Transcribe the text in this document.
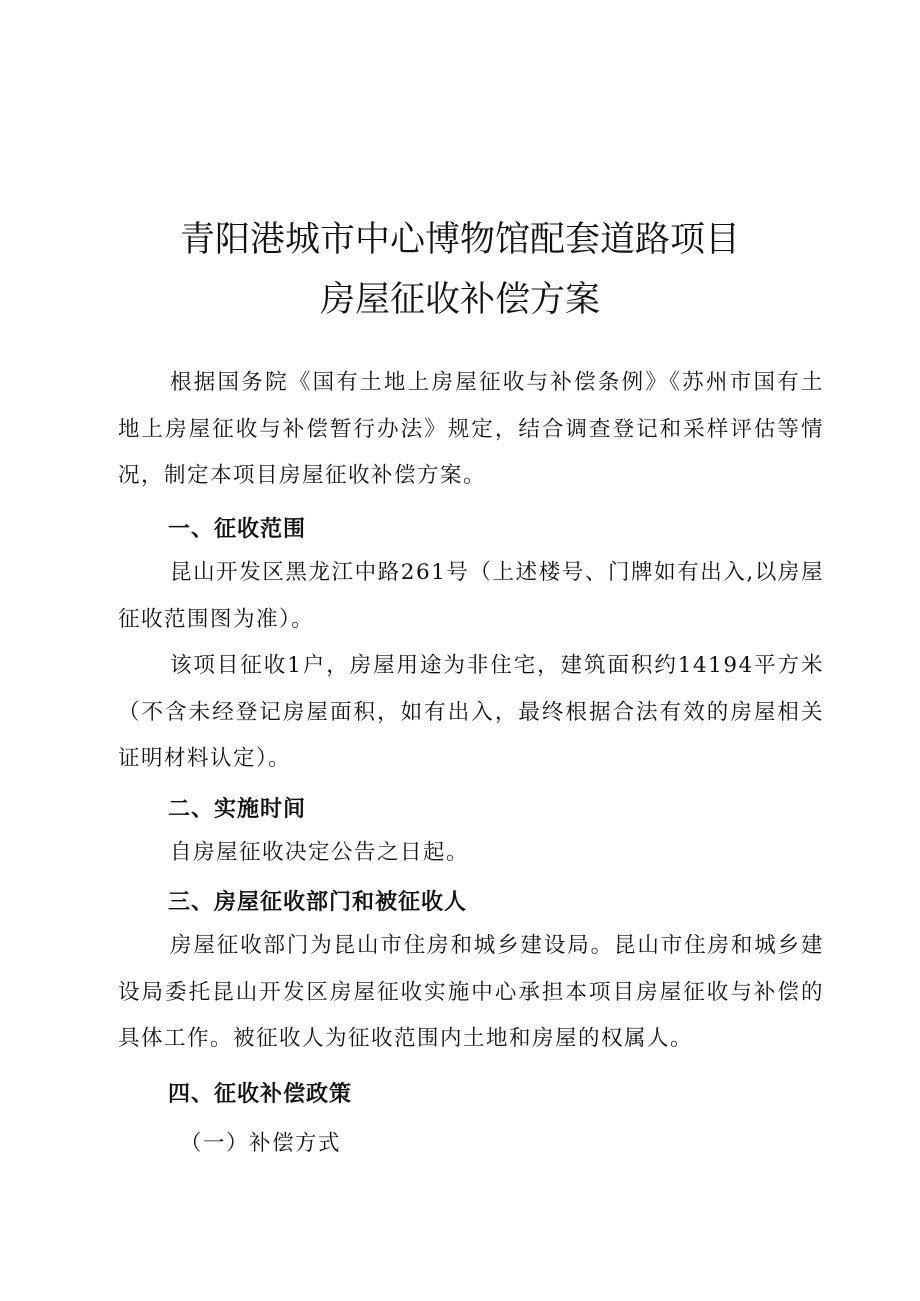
青阳港城市中心博物馆配套道路项目
房屋征收补偿方案
根据国务院《国有土地上房屋征收与补偿条例》《苏州市国有土地上房屋征收与补偿暂行办法》规定，结合调查登记和采样评估等情况，制定本项目房屋征收补偿方案。
一、征收范围
昆山开发区黑龙江中路261号（上述楼号、门牌如有出入,以房屋征收范围图为准）。
该项目征收1户，房屋用途为非住宅，建筑面积约14194平方米（不含未经登记房屋面积，如有出入，最终根据合法有效的房屋相关证明材料认定）。
二、实施时间
自房屋征收决定公告之日起。
三、房屋征收部门和被征收人
房屋征收部门为昆山市住房和城乡建设局。昆山市住房和城乡建设局委托昆山开发区房屋征收实施中心承担本项目房屋征收与补偿的具体工作。被征收人为征收范围内土地和房屋的权属人。
四、征收补偿政策
（一）补偿方式
